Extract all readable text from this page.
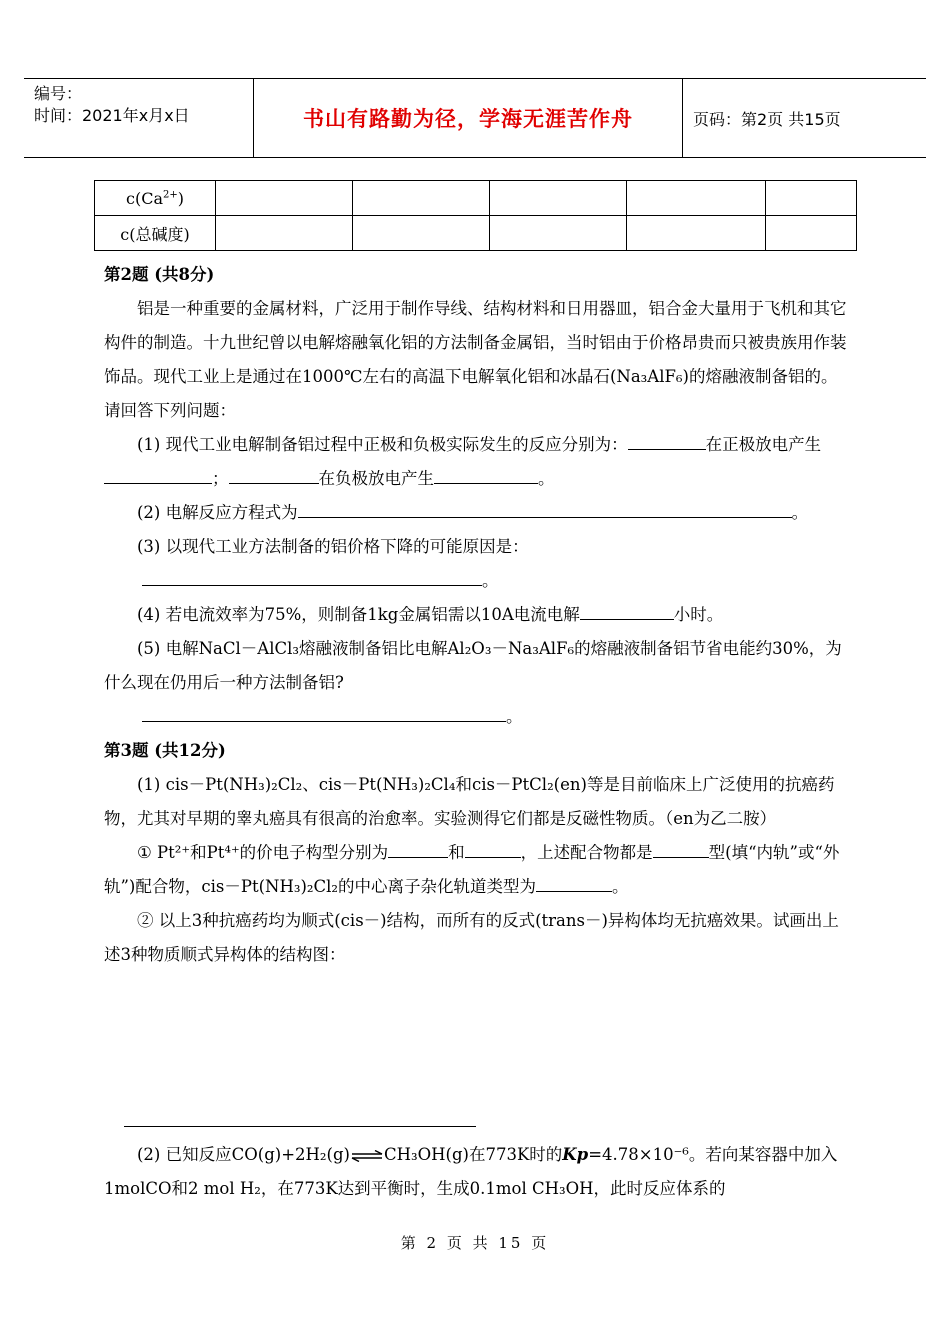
编号：
时间：2021年x月x日	书山有路勤为径，学海无涯苦作舟	页码：第2页 共15页
$c(Ca^{2+})$					
c(总碱度)					

第2题 (共8分)

铝是一种重要的金属材料，广泛用于制作导线、结构材料和日用器皿，铝合金大量用于飞机和其它构件的制造。十九世纪曾以电解熔融氧化铝的方法制备金属铝，当时铝由于价格昂贵而只被贵族用作装饰品。现代工业上是通过在1000℃左右的高温下电解氧化铝和冰晶石(Na₃AlF₆)的熔融液制备铝的。请回答下列问题：

(1) 现代工业电解制备铝过程中正极和负极实际发生的反应分别为：	在正极放电产生；	在负极放电产生	。

(2) 电解反应方程式为	。

(3) 以现代工业方法制备的铝价格下降的可能原因是：

。

(4) 若电流效率为75%，则制备1kg金属铝需以10A电流电解	小时。

(5) 电解NaCl－AlCl₃熔融液制备铝比电解Al₂O₃－Na₃AlF₆的熔融液制备铝节省电能约30%，为什么现在仍用后一种方法制备铝?

。

第3题 (共12分)

(1) cis－Pt(NH₃)₂Cl₂、cis－Pt(NH₃)₂Cl₄和cis－PtCl₂(en)等是目前临床上广泛使用的抗癌药物，尤其对早期的睾丸癌具有很高的治愈率。实验测得它们都是反磁性物质。（en为乙二胺）

① Pt²⁺和Pt⁴⁺的价电子构型分别为	和	，上述配合物都是	型(填“内轨”或“外轨”)配合物，cis－Pt(NH₃)₂Cl₂的中心离子杂化轨道类型为	。

② 以上3种抗癌药均为顺式(cis－)结构，而所有的反式(trans－)异构体均无抗癌效果。试画出上述3种物质顺式异构体的结构图：

(2) 已知反应CO(g)+2H₂(g)⇌CH₃OH(g)在773K时的Kp=4.78×10⁻⁶。若向某容器中加入1molCO和2 mol H₂，在773K达到平衡时，生成0.1mol CH₃OH，此时反应体系的

第 2 页 共 15 页
